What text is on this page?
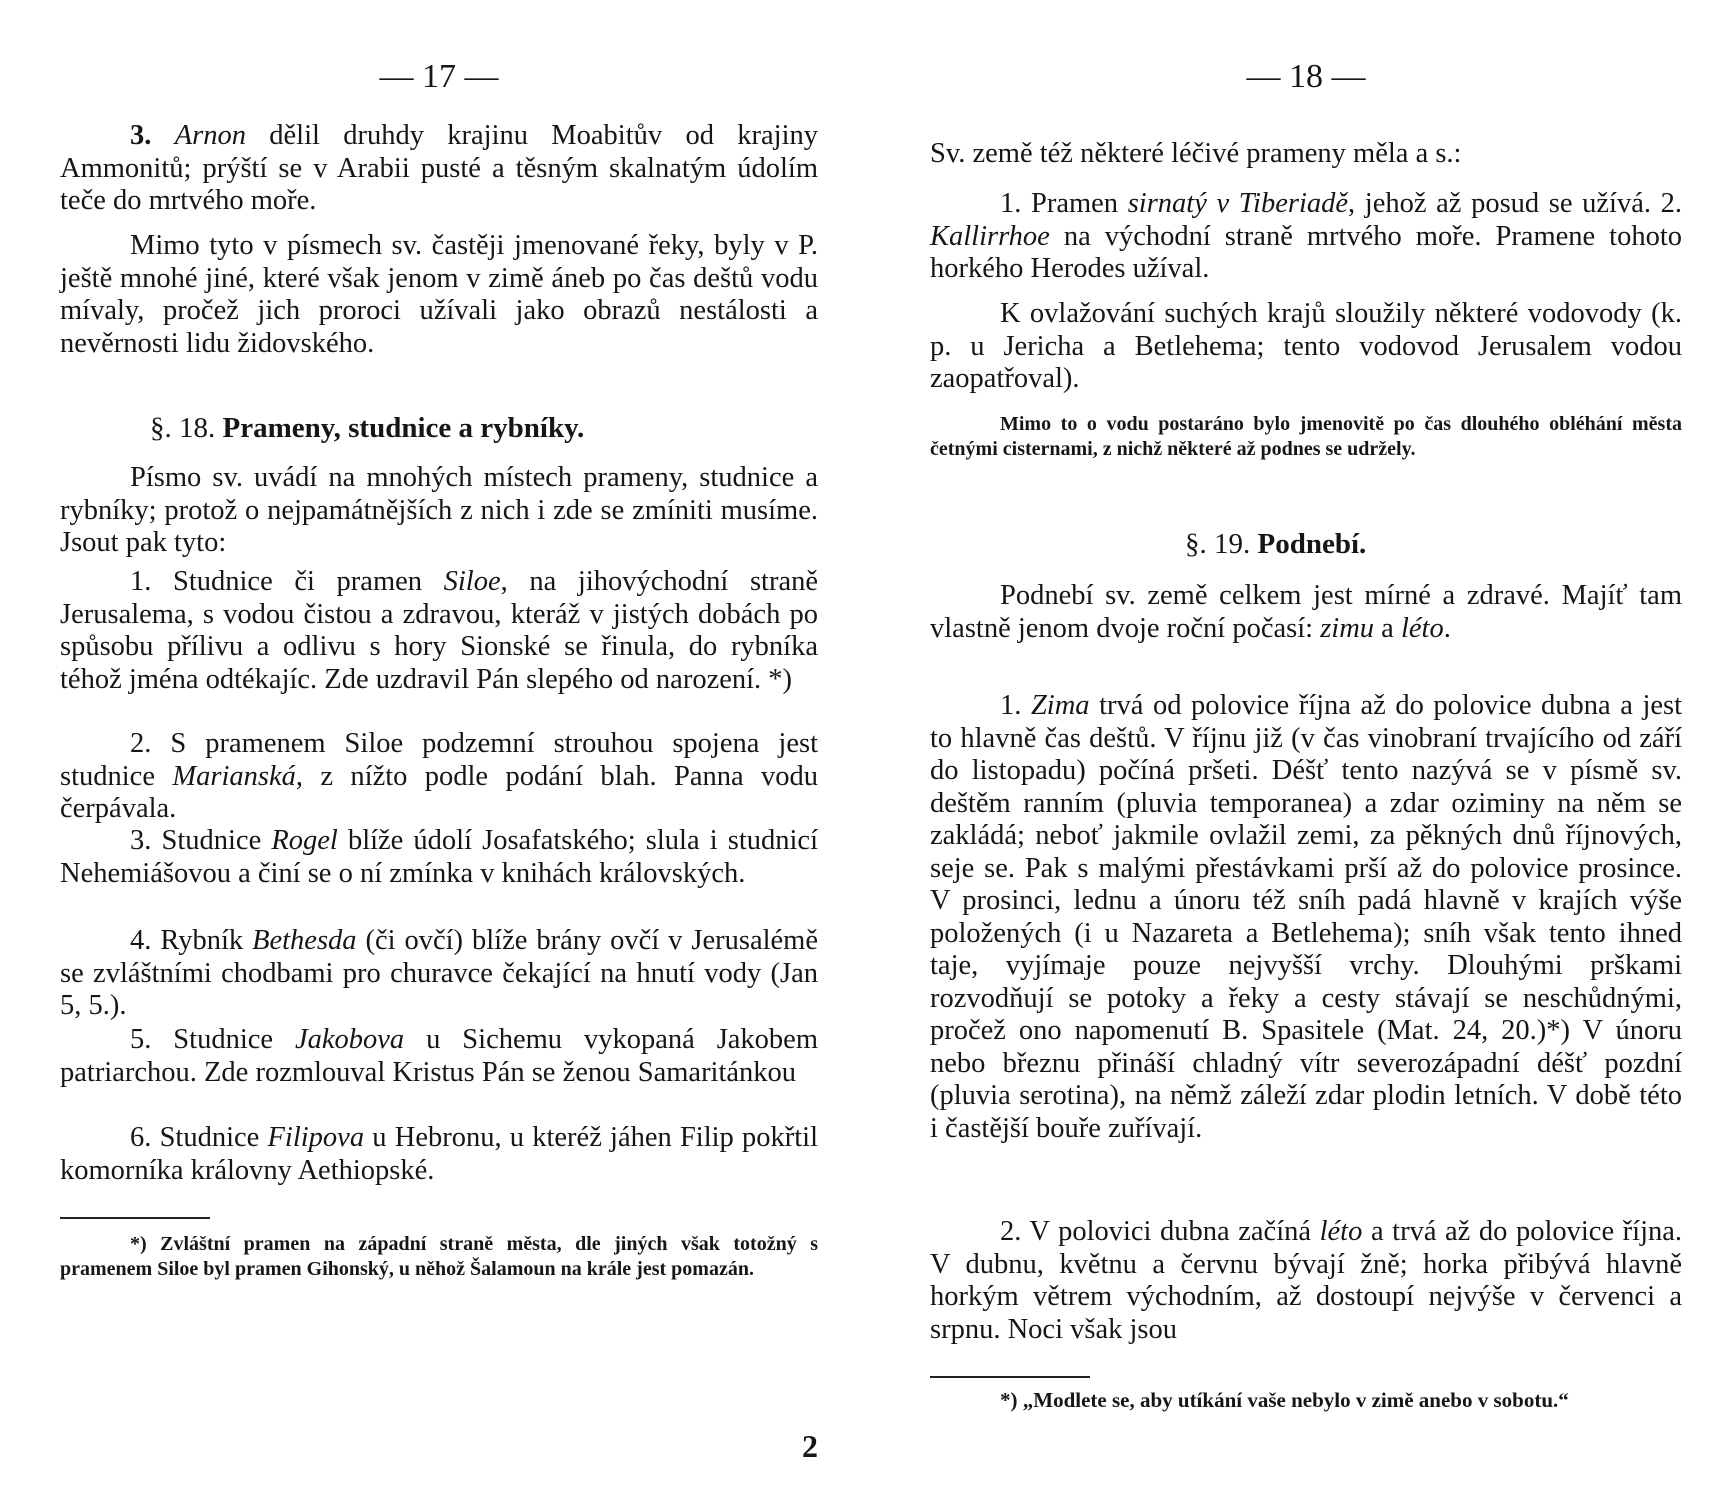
— 17 —
3. Arnon dělil druhdy krajinu Moabitův od krajiny Ammonitů; prýští se v Arabii pusté a těsným skalnatým údolím teče do mrtvého moře.
Mimo tyto v písmech sv. častěji jmenované řeky, byly v P. ještě mnohé jiné, které však jenom v zimě áneb po čas deštů vodu mívaly, pročež jich proroci užívali jako obrazů nestálosti a nevěrnosti lidu židovského.
§. 18. Prameny, studnice a rybníky.
Písmo sv. uvádí na mnohých místech prameny, studnice a rybníky; protož o nejpamátnějších z nich i zde se zmíniti musíme. Jsout pak tyto:
1. Studnice či pramen Siloe, na jihovýchodní straně Jerusalema, s vodou čistou a zdravou, kteráž v jistých dobách po spůsobu přílivu a odlivu s hory Sionské se řinula, do rybníka téhož jména odtékajíc. Zde uzdravil Pán slepého od narození. *)
2. S pramenem Siloe podzemní strouhou spojena jest studnice Marianská, z nížto podle podání blah. Panna vodu čerpávala.
3. Studnice Rogel blíže údolí Josafatského; slula i studnicí Nehemiášovou a činí se o ní zmínka v knihách královských.
4. Rybník Bethesda (či ovčí) blíže brány ovčí v Jerusalémě se zvláštními chodbami pro churavce čekající na hnutí vody (Jan 5, 5.).
5. Studnice Jakobova u Sichemu vykopaná Jakobem patriarchou. Zde rozmlouval Kristus Pán se ženou Samaritánkou
6. Studnice Filipova u Hebronu, u kteréž jáhen Filip pokřtil komorníka královny Aethiopské.
*) Zvláštní pramen na západní straně města, dle jiných však totožný s pramenem Siloe byl pramen Gihonský, u něhož Šalamoun na krále jest pomazán.
2
— 18 —
Sv. země též některé léčivé prameny měla a s.:
1. Pramen sirnatý v Tiberiadě, jehož až posud se užívá. 2. Kallirrhoe na východní straně mrtvého moře. Pramene tohoto horkého Herodes užíval.
K ovlažování suchých krajů sloužily některé vodovody (k. p. u Jericha a Betlehema; tento vodovod Jerusalem vodou zaopatřoval).
Mimo to o vodu postaráno bylo jmenovitě po čas dlouhého obléhání města četnými cisternami, z nichž některé až podnes se udržely.
§. 19. Podnebí.
Podnebí sv. země celkem jest mírné a zdravé. Majíť tam vlastně jenom dvoje roční počasí: zimu a léto.
1. Zima trvá od polovice října až do polovice dubna a jest to hlavně čas deštů. V říjnu již (v čas vinobraní trvajícího od září do listopadu) počíná pršeti. Déšť tento nazývá se v písmě sv. deštěm ranním (pluvia temporanea) a zdar oziminy na něm se zakládá; neboť jakmile ovlažil zemi, za pěkných dnů říjnových, seje se. Pak s malými přestávkami prší až do polovice prosince. V prosinci, lednu a únoru též sníh padá hlavně v krajích výše položených (i u Nazareta a Betlehema); sníh však tento ihned taje, vyjímaje pouze nejvyšší vrchy. Dlouhými prškami rozvodňují se potoky a řeky a cesty stávají se neschůdnými, pročež ono napomenutí B. Spasitele (Mat. 24, 20.)*) V únoru nebo březnu přináší chladný vítr severozápadní déšť pozdní (pluvia serotina), na němž záleží zdar plodin letních. V době této i častější bouře zuřívají.
2. V polovici dubna začíná léto a trvá až do polovice října. V dubnu, květnu a červnu bývají žně; horka přibývá hlavně horkým větrem východním, až dostoupí nejvýše v červenci a srpnu. Noci však jsou
*) „Modlete se, aby utíkání vaše nebylo v zimě anebo v sobotu.“
